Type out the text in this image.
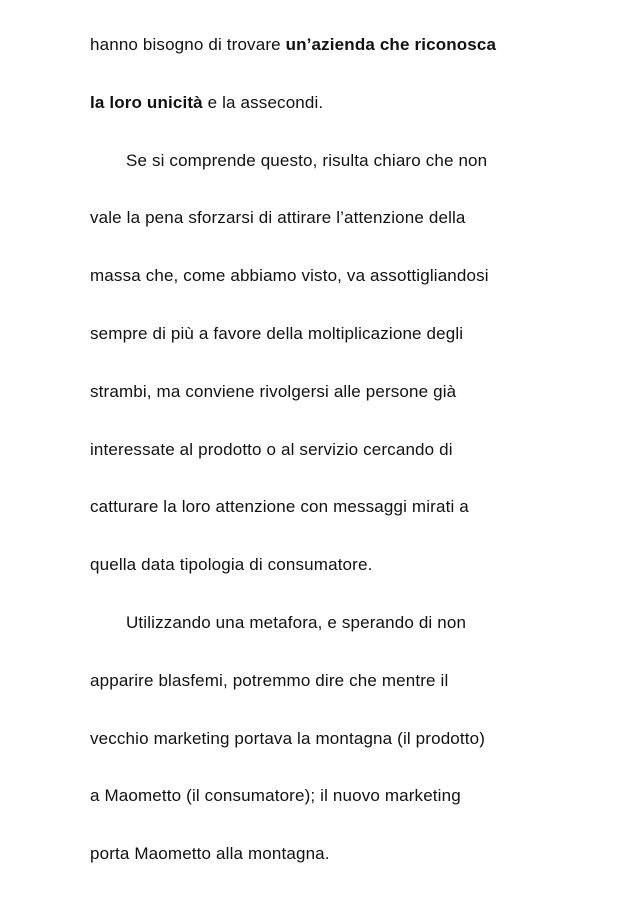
hanno bisogno di trovare un’azienda che riconosca
la loro unicità e la assecondi.
Se si comprende questo, risulta chiaro che non
vale la pena sforzarsi di attirare l’attenzione della
massa che, come abbiamo visto, va assottigliandosi
sempre di più a favore della moltiplicazione degli
strambi, ma conviene rivolgersi alle persone già
interessate al prodotto o al servizio cercando di
catturare la loro attenzione con messaggi mirati a
quella data tipologia di consumatore.
Utilizzando una metafora, e sperando di non
apparire blasfemi, potremmo dire che mentre il
vecchio marketing portava la montagna (il prodotto)
a Maometto (il consumatore); il nuovo marketing
porta Maometto alla montagna.
